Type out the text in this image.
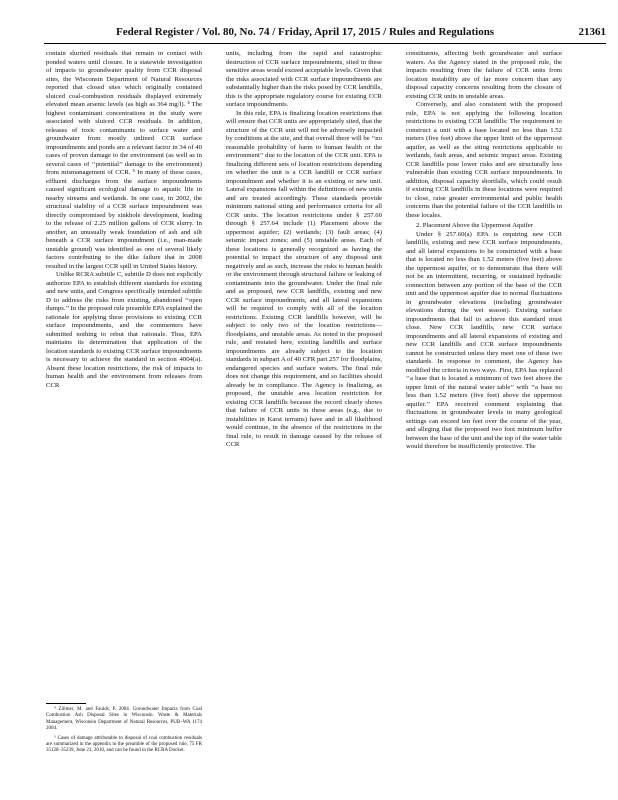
Federal Register / Vol. 80, No. 74 / Friday, April 17, 2015 / Rules and Regulations	21361

contain slurried residuals that remain in contact with ponded waters until closure. In a statewide investigation of impacts to groundwater quality from CCR disposal sites, the Wisconsin Department of Natural Resources reported that closed sites which originally contained sluiced coal-combustion residuals displayed extremely elevated mean arsenic levels (as high as 364 mg/l). ⁴ The highest contaminant concentrations in the study were associated with sluiced CCR residuals. In addition, releases of toxic contaminants to surface water and groundwater from mostly unlined CCR surface impoundments and ponds are a relevant factor in 34 of 40 cases of proven damage to the environment (as well as in several cases of ‘‘potential’’ damage to the environment) from mismanagement of CCR. ⁵ In many of these cases, effluent discharges from the surface impoundments caused significant ecological damage to aquatic life in nearby streams and wetlands. In one case, in 2002, the structural stability of a CCR surface impoundment was directly compromised by sinkhole development, leading to the release of 2.25 million gallons of CCR slurry. In another, an unusually weak foundation of ash and silt beneath a CCR surface impoundment (i.e., man-made unstable ground) was identified as one of several likely factors contributing to the dike failure that in 2008 resulted in the largest CCR spill in United States history.

Unlike RCRA subtitle C, subtitle D does not explicitly authorize EPA to establish different standards for existing and new units, and Congress specifically intended subtitle D to address the risks from existing, abandoned ‘‘open dumps.’’ In the proposed rule preamble EPA explained the rationale for applying these provisions to existing CCR surface impoundments, and the commenters have submitted nothing to rebut that rationale. Thus, EPA maintains its determination that application of the location standards to existing CCR surface impoundments is necessary to achieve the standard in section 4004(a). Absent these location restrictions, the risk of impacts to human health and the environment from releases from CCR

⁴ Zillmer, M. and Faulds, P. 2004. Groundwater Impacts from Coal Combustion Ash Disposal Sites in Wisconsin. Waste & Materials Management, Wisconsin Department of Natural Resources, PUB–WA 1174 2004.

⁵ Cases of damage attributable to disposal of coal combustion residuals are summarized in the appendix to the preamble of the proposed rule, 75 FR 35128–35239, June 21, 2010, and can be found in the RCRA Docket.

units, including from the rapid and catastrophic destruction of CCR surface impoundments, sited in these sensitive areas would exceed acceptable levels. Given that the risks associated with CCR surface impoundments are substantially higher than the risks posed by CCR landfills, this is the appropriate regulatory course for existing CCR surface impoundments.

In this rule, EPA is finalizing location restrictions that will ensure that CCR units are appropriately sited, that the structure of the CCR unit will not be adversely impacted by conditions at the site, and that overall there will be ‘‘no reasonable probability of harm to human health or the environment’’ due to the location of the CCR unit. EPA is finalizing different sets of location restrictions depending on whether the unit is a CCR landfill or CCR surface impoundment and whether it is an existing or new unit. Lateral expansions fall within the definitions of new units and are treated accordingly. These standards provide minimum national siting and performance criteria for all CCR units. The location restrictions under § 257.60 through § 257.64 include (1) Placement above the uppermost aquifer; (2) wetlands; (3) fault areas; (4) seismic impact zones; and (5) unstable areas. Each of these locations is generally recognized as having the potential to impact the structure of any disposal unit negatively and as such, increase the risks to human health or the environment through structural failure or leaking of contaminants into the groundwater. Under the final rule and as proposed, new CCR landfills, existing and new CCR surface impoundments, and all lateral expansions will be required to comply with all of the location restrictions. Existing CCR landfills however, will be subject to only two of the location restrictions—floodplains, and unstable areas. As noted in the proposed rule, and restated here, existing landfills and surface impoundments are already subject to the location standards in subpart A of 40 CFR part 257 for floodplains, endangered species and surface waters. The final rule does not change this requirement, and so facilities should already be in compliance. The Agency is finalizing, as proposed, the unstable area location restriction for existing CCR landfills because the record clearly shows that failure of CCR units in these areas (e.g., due to instabilities in Karst terrains) have and in all likelihood would continue, in the absence of the restrictions in the final rule, to result in damage caused by the release of CCR

constituents, affecting both groundwater and surface waters. As the Agency stated in the proposed rule, the impacts resulting from the failure of CCR units from location instability are of far more concern than any disposal capacity concerns resulting from the closure of existing CCR units in unstable areas.

Conversely, and also consistent with the proposed rule, EPA is not applying the following location restrictions to existing CCR landfills: The requirement to construct a unit with a base located no less than 1.52 meters (five feet) above the upper limit of the uppermost aquifer, as well as the siting restrictions applicable to wetlands, fault areas, and seismic impact areas. Existing CCR landfills pose lower risks and are structurally less vulnerable than existing CCR surface impoundments. In addition, disposal capacity shortfalls, which could result if existing CCR landfills in these locations were required to close, raise greater environmental and public health concerns than the potential failure of the CCR landfills in these locales.

2. Placement Above the Uppermost Aquifer

Under § 257.60(a) EPA is requiring new CCR landfills, existing and new CCR surface impoundments, and all lateral expansions to be constructed with a base that is located no less than 1.52 meters (five feet) above the uppermost aquifer, or to demonstrate that there will not be an intermittent, recurring, or sustained hydraulic connection between any portion of the base of the CCR unit and the uppermost aquifer due to normal fluctuations in groundwater elevations (including groundwater elevations during the wet season). Existing surface impoundments that fail to achieve this standard must close. New CCR landfills, new CCR surface impoundments and all lateral expansions of existing and new CCR landfills and CCR surface impoundments cannot be constructed unless they meet one of these two standards. In response to comment, the Agency has modified the criteria in two ways. First, EPA has replaced ‘‘a base that is located a minimum of two feet above the upper limit of the natural water table’’ with ‘‘a base no less than 1.52 meters (five feet) above the uppermost aquifer.’’ EPA received comment explaining that fluctuations in groundwater levels in many geological settings can exceed ten feet over the course of the year, and alleging that the proposed two foot minimum buffer between the base of the unit and the top of the water table would therefore be insufficiently protective. The
